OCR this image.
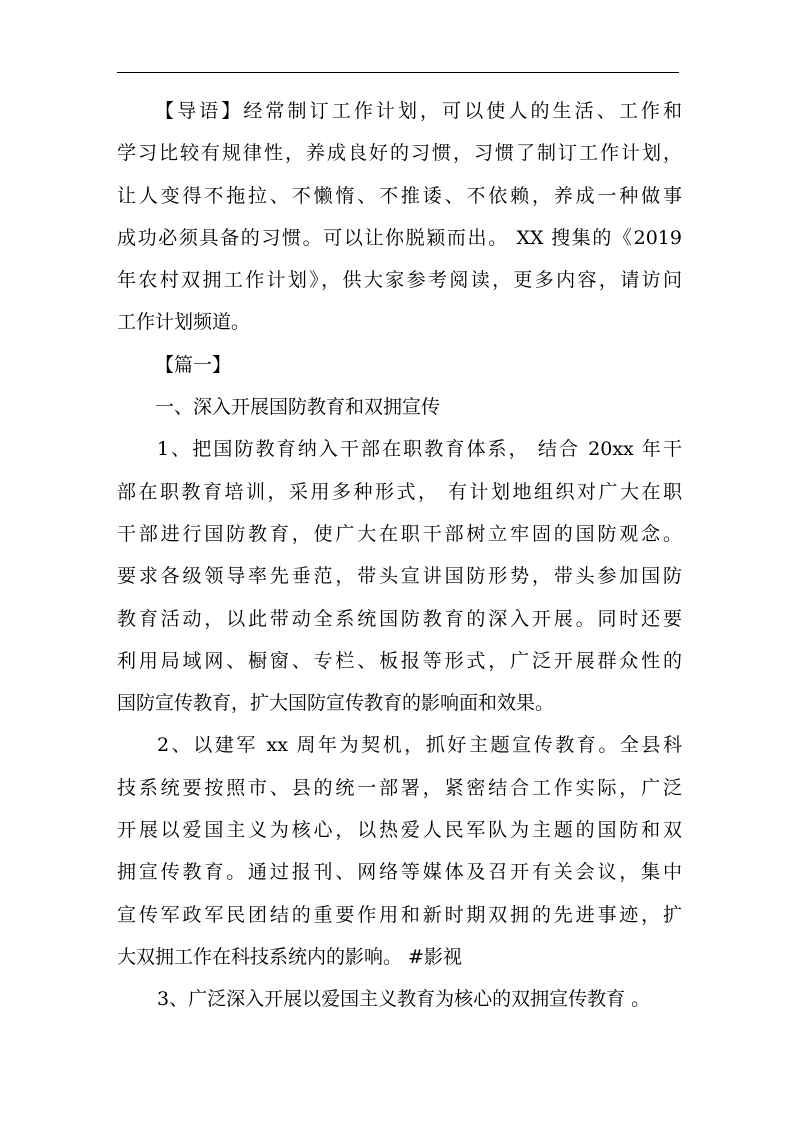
【导语】经常制订工作计划，可以使人的生活、工作和
学习比较有规律性，养成良好的习惯，习惯了制订工作计划，
让人变得不拖拉、不懒惰、不推诿、不依赖，养成一种做事
成功必须具备的习惯。可以让你脱颖而出。 XX 搜集的《2019
年农村双拥工作计划》，供大家参考阅读，更多内容，请访问
工作计划频道。
【篇一】
一、深入开展国防教育和双拥宣传
1、把国防教育纳入干部在职教育体系， 结合 20xx 年干
部在职教育培训，采用多种形式， 有计划地组织对广大在职
干部进行国防教育，使广大在职干部树立牢固的国防观念。
要求各级领导率先垂范，带头宣讲国防形势，带头参加国防
教育活动，以此带动全系统国防教育的深入开展。同时还要
利用局域网、橱窗、专栏、板报等形式，广泛开展群众性的
国防宣传教育，扩大国防宣传教育的影响面和效果。
2、以建军 xx 周年为契机，抓好主题宣传教育。全县科
技系统要按照市、县的统一部署，紧密结合工作实际，广泛
开展以爱国主义为核心，以热爱人民军队为主题的国防和双
拥宣传教育。通过报刊、网络等媒体及召开有关会议，集中
宣传军政军民团结的重要作用和新时期双拥的先进事迹，扩
大双拥工作在科技系统内的影响。 #影视
3、广泛深入开展以爱国主义教育为核心的双拥宣传教育 。
